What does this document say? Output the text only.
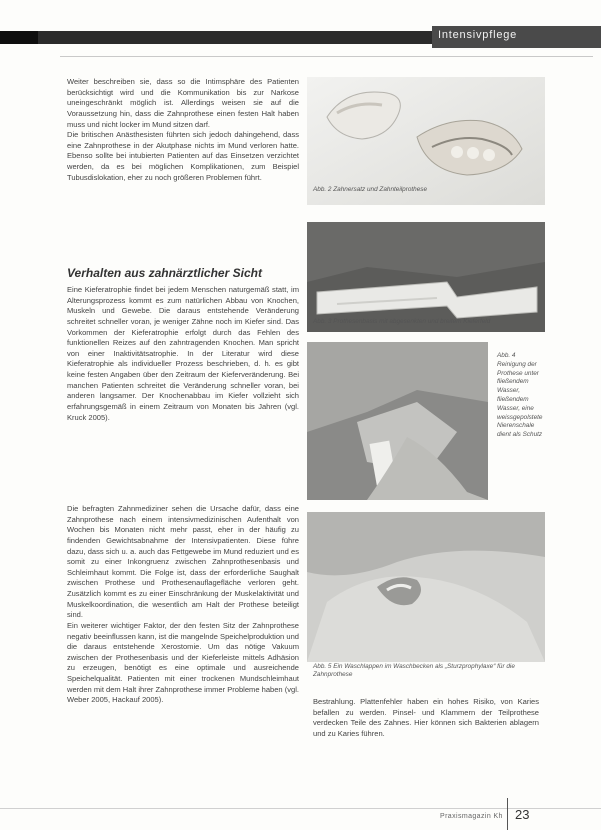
Intensivpflege

Weiter beschreiben sie, dass so die Intimsphäre des Patienten berücksichtigt wird und die Kommunikation bis zur Narkose uneingeschränkt möglich ist. Allerdings weisen sie auf die Voraussetzung hin, dass die Zahnprothese einen festen Halt haben muss und nicht locker im Mund sitzen darf.

Die britischen Anästhesisten führten sich jedoch dahingehend, dass eine Zahnprothese in der Akutphase nichts im Mund verloren hatte. Ebenso sollte bei intubierten Patienten auf das Einsetzen verzichtet werden, da es bei möglichen Komplikationen, zum Beispiel Tubusdislokation, eher zu noch größeren Problemen führt.

Verhalten aus zahnärztlicher Sicht

Eine Kieferatrophie findet bei jedem Menschen naturgemäß statt, im Alterungsprozess kommt es zum natürlichen Abbau von Knochen, Muskeln und Gewebe. Die daraus entstehende Veränderung schreitet schneller voran, je weniger Zähne noch im Kiefer sind. Das Vorkommen der Kieferatrophie erfolgt durch das Fehlen des funktionellen Reizes auf den zahntragenden Knochen. Man spricht von einer Inaktivitätsatrophie. In der Literatur wird diese Kieferatrophie als individueller Prozess beschrieben, d. h. es gibt keine festen Angaben über den Zeitraum der Kieferveränderung. Bei manchen Patienten schreitet die Veränderung schneller voran, bei anderen langsamer. Der Knochenabbau im Kiefer vollzieht sich erfahrungsgemäß in einem Zeitraum von Monaten bis Jahren (vgl. Kruck 2005).

Die befragten Zahnmediziner sehen die Ursache dafür, dass eine Zahnprothese nach einem intensivmedizinischen Aufenthalt von Wochen bis Monaten nicht mehr passt, eher in der häufig zu findenden Gewichtsabnahme der Intensivpatienten. Diese führe dazu, dass sich u. a. auch das Fettgewebe im Mund reduziert und es somit zu einer Inkongruenz zwischen Zahnprothesenbasis und Schleimhaut kommt. Die Folge ist, dass der erforderliche Saughalt zwischen Prothese und Prothesenauflagefläche verloren geht. Zusätzlich kommt es zu einer Einschränkung der Muskelaktivität und Muskelkoordination, die wesentlich am Halt der Prothese beteiligt sind.

Ein weiterer wichtiger Faktor, der den festen Sitz der Zahnprothese negativ beeinflussen kann, ist die mangelnde Speichelproduktion und die daraus entstehende Xerostomie. Um das nötige Vakuum zwischen der Prothesenbasis und der Kieferleiste mittels Adhäsion zu erzeugen, benötigt es eine optimale und ausreichende Speichelqualität. Patienten mit einer trockenen Mundschleimhaut werden mit dem Halt ihrer Zahnprothese immer Probleme haben (vgl. Weber 2005, Hackauf 2005).	Bestrahlung. Plattenfehler haben ein hohes Risiko, von Karies befallen zu werden. Pinsel- und Klammern der Teilprothese verdecken Teile des Zahnes. Hier können sich Bakterien ablagern und zu Karies führen.

Abb. 2 Zahnersatz und Zahnteilprothese
Abb. 3 Prothesenbasis mit abgesenkten und breitem Kieferfeld
Abb. 4 Reinigung der Prothese unter fließendem Wasser, fließendem Wasser, eine weissgepolstete Nierenschale dient als Schutz
Abb. 5 Ein Waschlappen im Waschbecken als „Sturzprophylaxe“ für die Zahnprothese
Praxismagazin Kh 23
